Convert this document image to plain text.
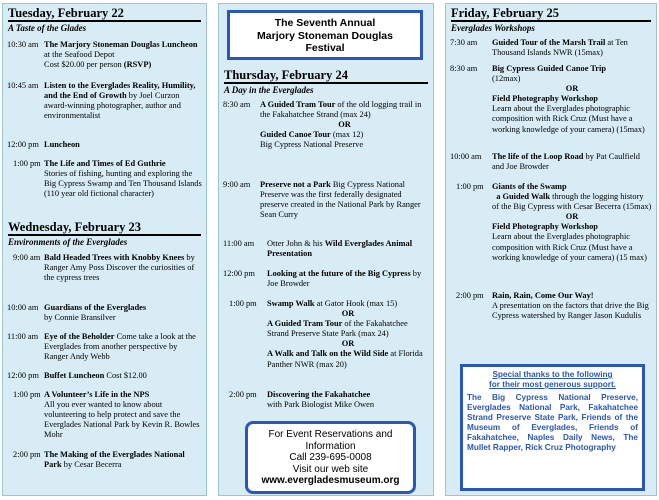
Tuesday, February 22
A Taste of the Glades
10:30 am The Marjory Stoneman Douglas Luncheon at the Seafood Depot
Cost $20.00 per person (RSVP)
10:45 am Listen to the Everglades Reality, Humility, and the End of Growth by Joel Curzon award-winning photographer, author and environmentalist
12:00 pm Luncheon
1:00 pm The Life and Times of Ed Guthrie
Stories of fishing, hunting and exploring the Big Cypress Swamp and Ten Thousand Islands (110 year old fictional character)
Wednesday, February 23
Environments of the Everglades
9:00 am Bald Headed Trees with Knobby Knees by Ranger Amy Poss Discover the curiosities of the cypress trees
10:00 am Guardians of the Everglades
by Connie Bransilver
11:00 am Eye of the Beholder Come take a look at the Everglades from another perspective by Ranger Andy Webb
12:00 pm Buffet Luncheon Cost $12.00
1:00 pm A Volunteer’s Life in the NPS
All you ever wanted to know about volunteering to help protect and save the Everglades National Park by Kevin R. Bowles Mohr
2:00 pm The Making of the Everglades National Park by Cesar Becerra
The Seventh Annual
Marjory Stoneman Douglas
Festival
Thursday, February 24
A Day in the Everglades
8:30 am A Guided Tram Tour of the old logging trail in the Fakahatchee Strand (max 24)
OR
Guided Canoe Tour (max 12)
Big Cypress National Preserve
9:00 am Preserve not a Park Big Cypress National Preserve was the first federally designated preserve created in the National Park by Ranger Sean Curry
11:00 am Otter John & his Wild Everglades Animal Presentation
12:00 pm Looking at the future of the Big Cypress by Joe Browder
1:00 pm Swamp Walk at Gator Hook (max 15)
OR
A Guided Tram Tour of the Fakahatchee Strand Preserve State Park (max 24)
OR
A Walk and Talk on the Wild Side at Florida Panther NWR (max 20)
2:00 pm Discovering the Fakahatchee
with Park Biologist Mike Owen
For Event Reservations and
Information
Call 239-695-0008
Visit our web site
www.evergladesmuseum.org
Friday, February 25
Everglades Workshops
7:30 am Guided Tour of the Marsh Trail at Ten Thousand Islands NWR (15max)
8:30 am Big Cypress Guided Canoe Trip
(12max)
OR
Field Photography Workshop
Learn about the Everglades photographic composition with Rick Cruz (Must have a working knowledge of your camera) (15max)
10:00 am The life of the Loop Road by Pat Caulfield and Joe Browder
1:00 pm Giants of the Swamp
a Guided Walk through the logging history of the Big Cypress with Cesar Becerra (15max)
OR
Field Photography Workshop
Learn about the Everglades photographic composition with Rick Cruz (Must have a working knowledge of your camera) (15 max)
2:00 pm Rain, Rain, Come Our Way!
A presentation on the factors that drive the Big Cypress watershed by Ranger Jason Kudulis
Special thanks to the following
for their most generous support.
The Big Cypress National Preserve, Everglades National Park, Fakahatchee Strand Preserve State Park, Friends of the Museum of Everglades, Friends of Fakahatchee, Naples Daily News, The Mullet Rapper, Rick Cruz Photography
